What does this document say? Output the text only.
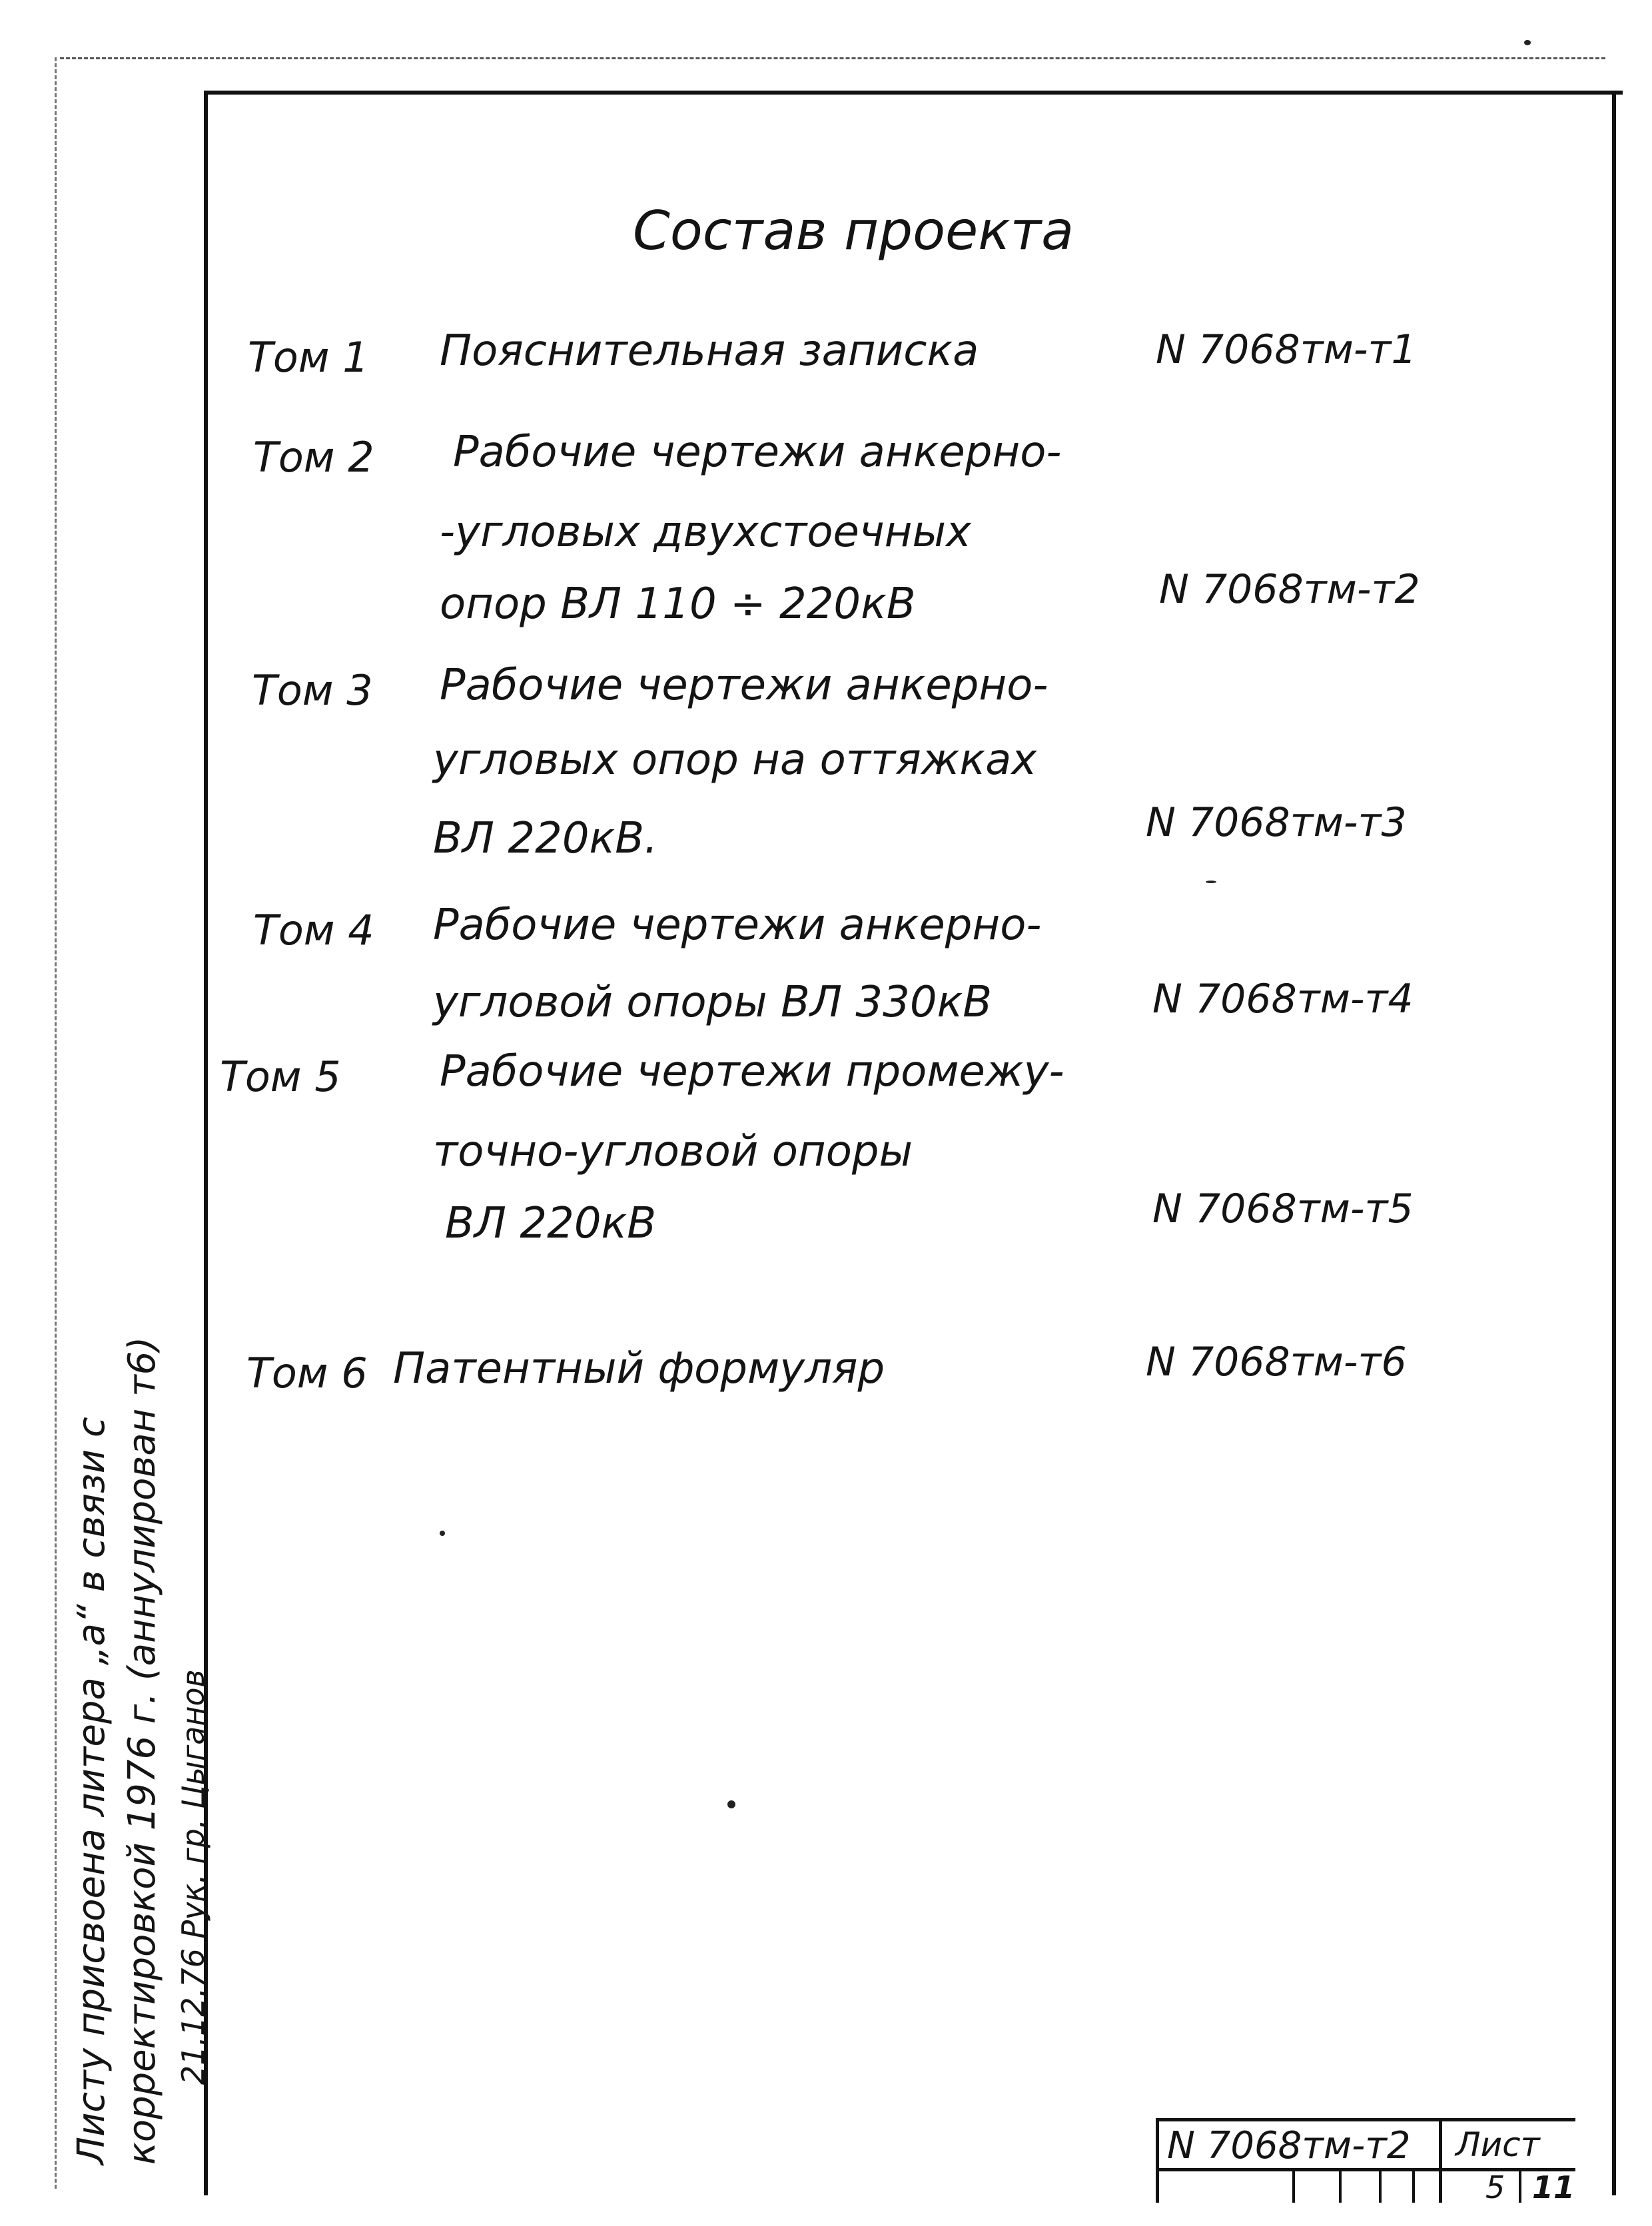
Состав проекта
Том 1 Пояснительная записка	N 7068тм-т1
Том 2 Рабочие чертежи анкерно-
-угловых двухстоечных
опор ВЛ 110 ÷ 220кВ	N 7068тм-т2
Том 3 Рабочие чертежи анкерно-
угловых опор на оттяжках
ВЛ 220кВ.	N 7068тм-т3
Том 4 Рабочие чертежи анкерно-
угловой опоры ВЛ 330кВ	N 7068тм-т4
Том 5 Рабочие чертежи промежу-
точно-угловой опоры
ВЛ 220кВ	N 7068тм-т5
Том 6 Патентный формуляр	N 7068тм-т6
Листу присвоена литера „а“ в связи с корректировкой 1976 г. (аннулирован т6) 21.12.76 Рук. гр. Цыганов
N 7068тм-т2 Лист
5 11
